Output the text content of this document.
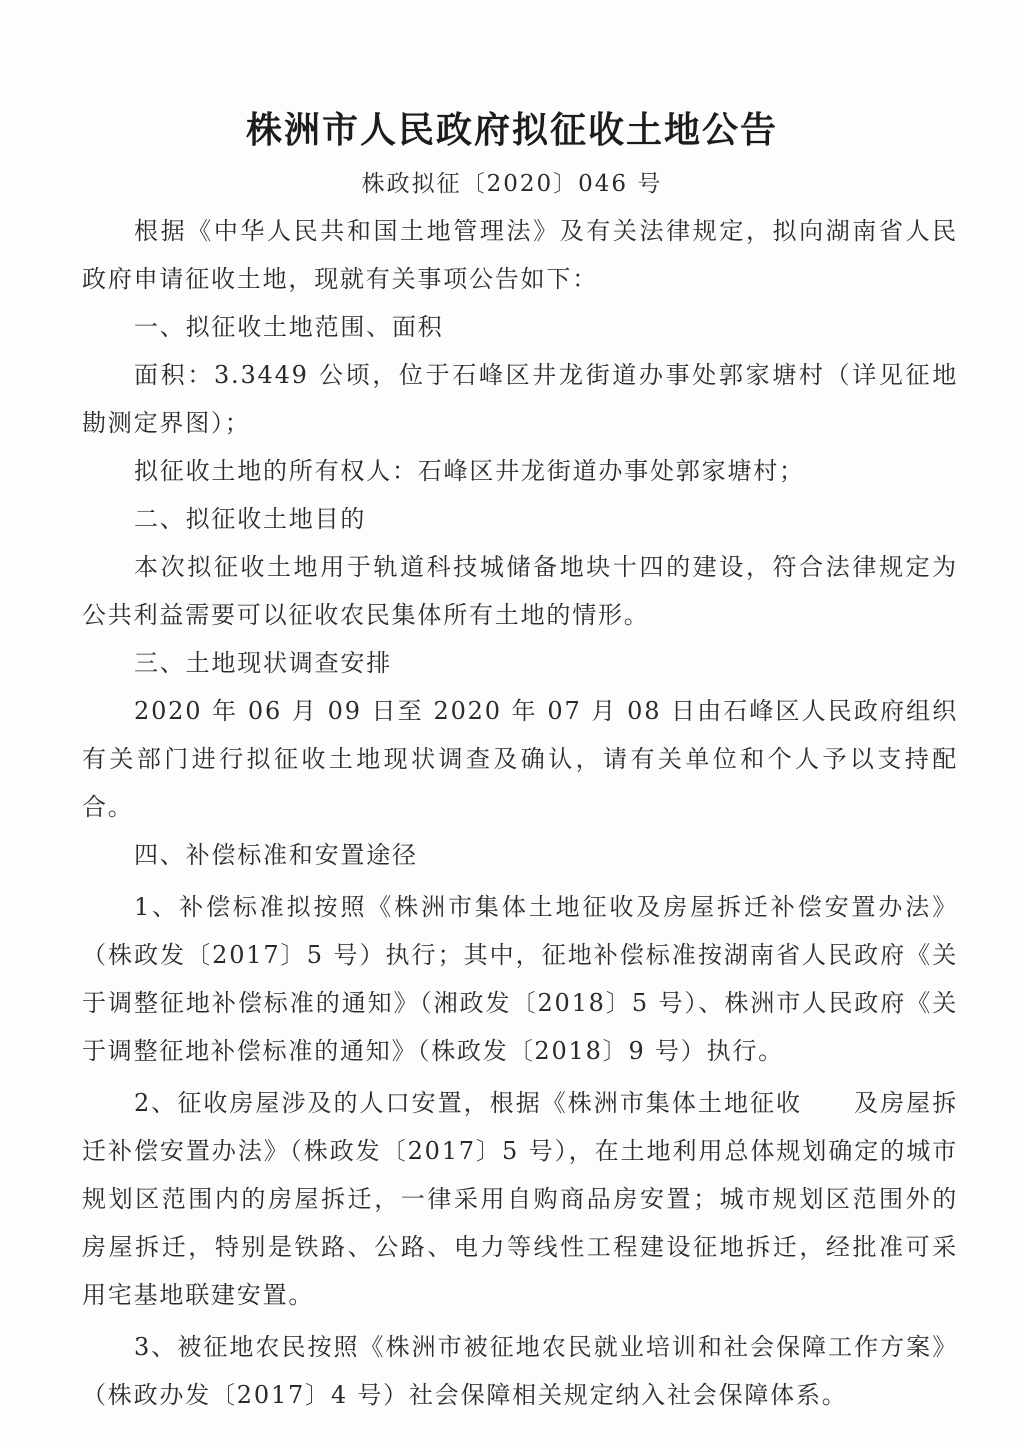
株洲市人民政府拟征收土地公告
株政拟征〔2020〕046 号

根据《中华人民共和国土地管理法》及有关法律规定，拟向湖南省人民政府申请征收土地，现就有关事项公告如下：

一、拟征收土地范围、面积

面积：3.3449 公顷，位于石峰区井龙街道办事处郭家塘村（详见征地勘测定界图）；

拟征收土地的所有权人：石峰区井龙街道办事处郭家塘村；

二、拟征收土地目的

本次拟征收土地用于轨道科技城储备地块十四的建设，符合法律规定为公共利益需要可以征收农民集体所有土地的情形。

三、土地现状调查安排

2020 年 06 月 09 日至 2020 年 07 月 08 日由石峰区人民政府组织有关部门进行拟征收土地现状调查及确认，请有关单位和个人予以支持配合。

四、补偿标准和安置途径

1、补偿标准拟按照《株洲市集体土地征收及房屋拆迁补偿安置办法》（株政发〔2017〕5 号）执行；其中，征地补偿标准按湖南省人民政府《关于调整征地补偿标准的通知》（湘政发〔2018〕5 号）、株洲市人民政府《关于调整征地补偿标准的通知》（株政发〔2018〕9 号）执行。

2、征收房屋涉及的人口安置，根据《株洲市集体土地征收　　及房屋拆迁补偿安置办法》（株政发〔2017〕5 号），在土地利用总体规划确定的城市规划区范围内的房屋拆迁，一律采用自购商品房安置；城市规划区范围外的房屋拆迁，特别是铁路、公路、电力等线性工程建设征地拆迁，经批准可采用宅基地联建安置。

3、被征地农民按照《株洲市被征地农民就业培训和社会保障工作方案》（株政办发〔2017〕4 号）社会保障相关规定纳入社会保障体系。
